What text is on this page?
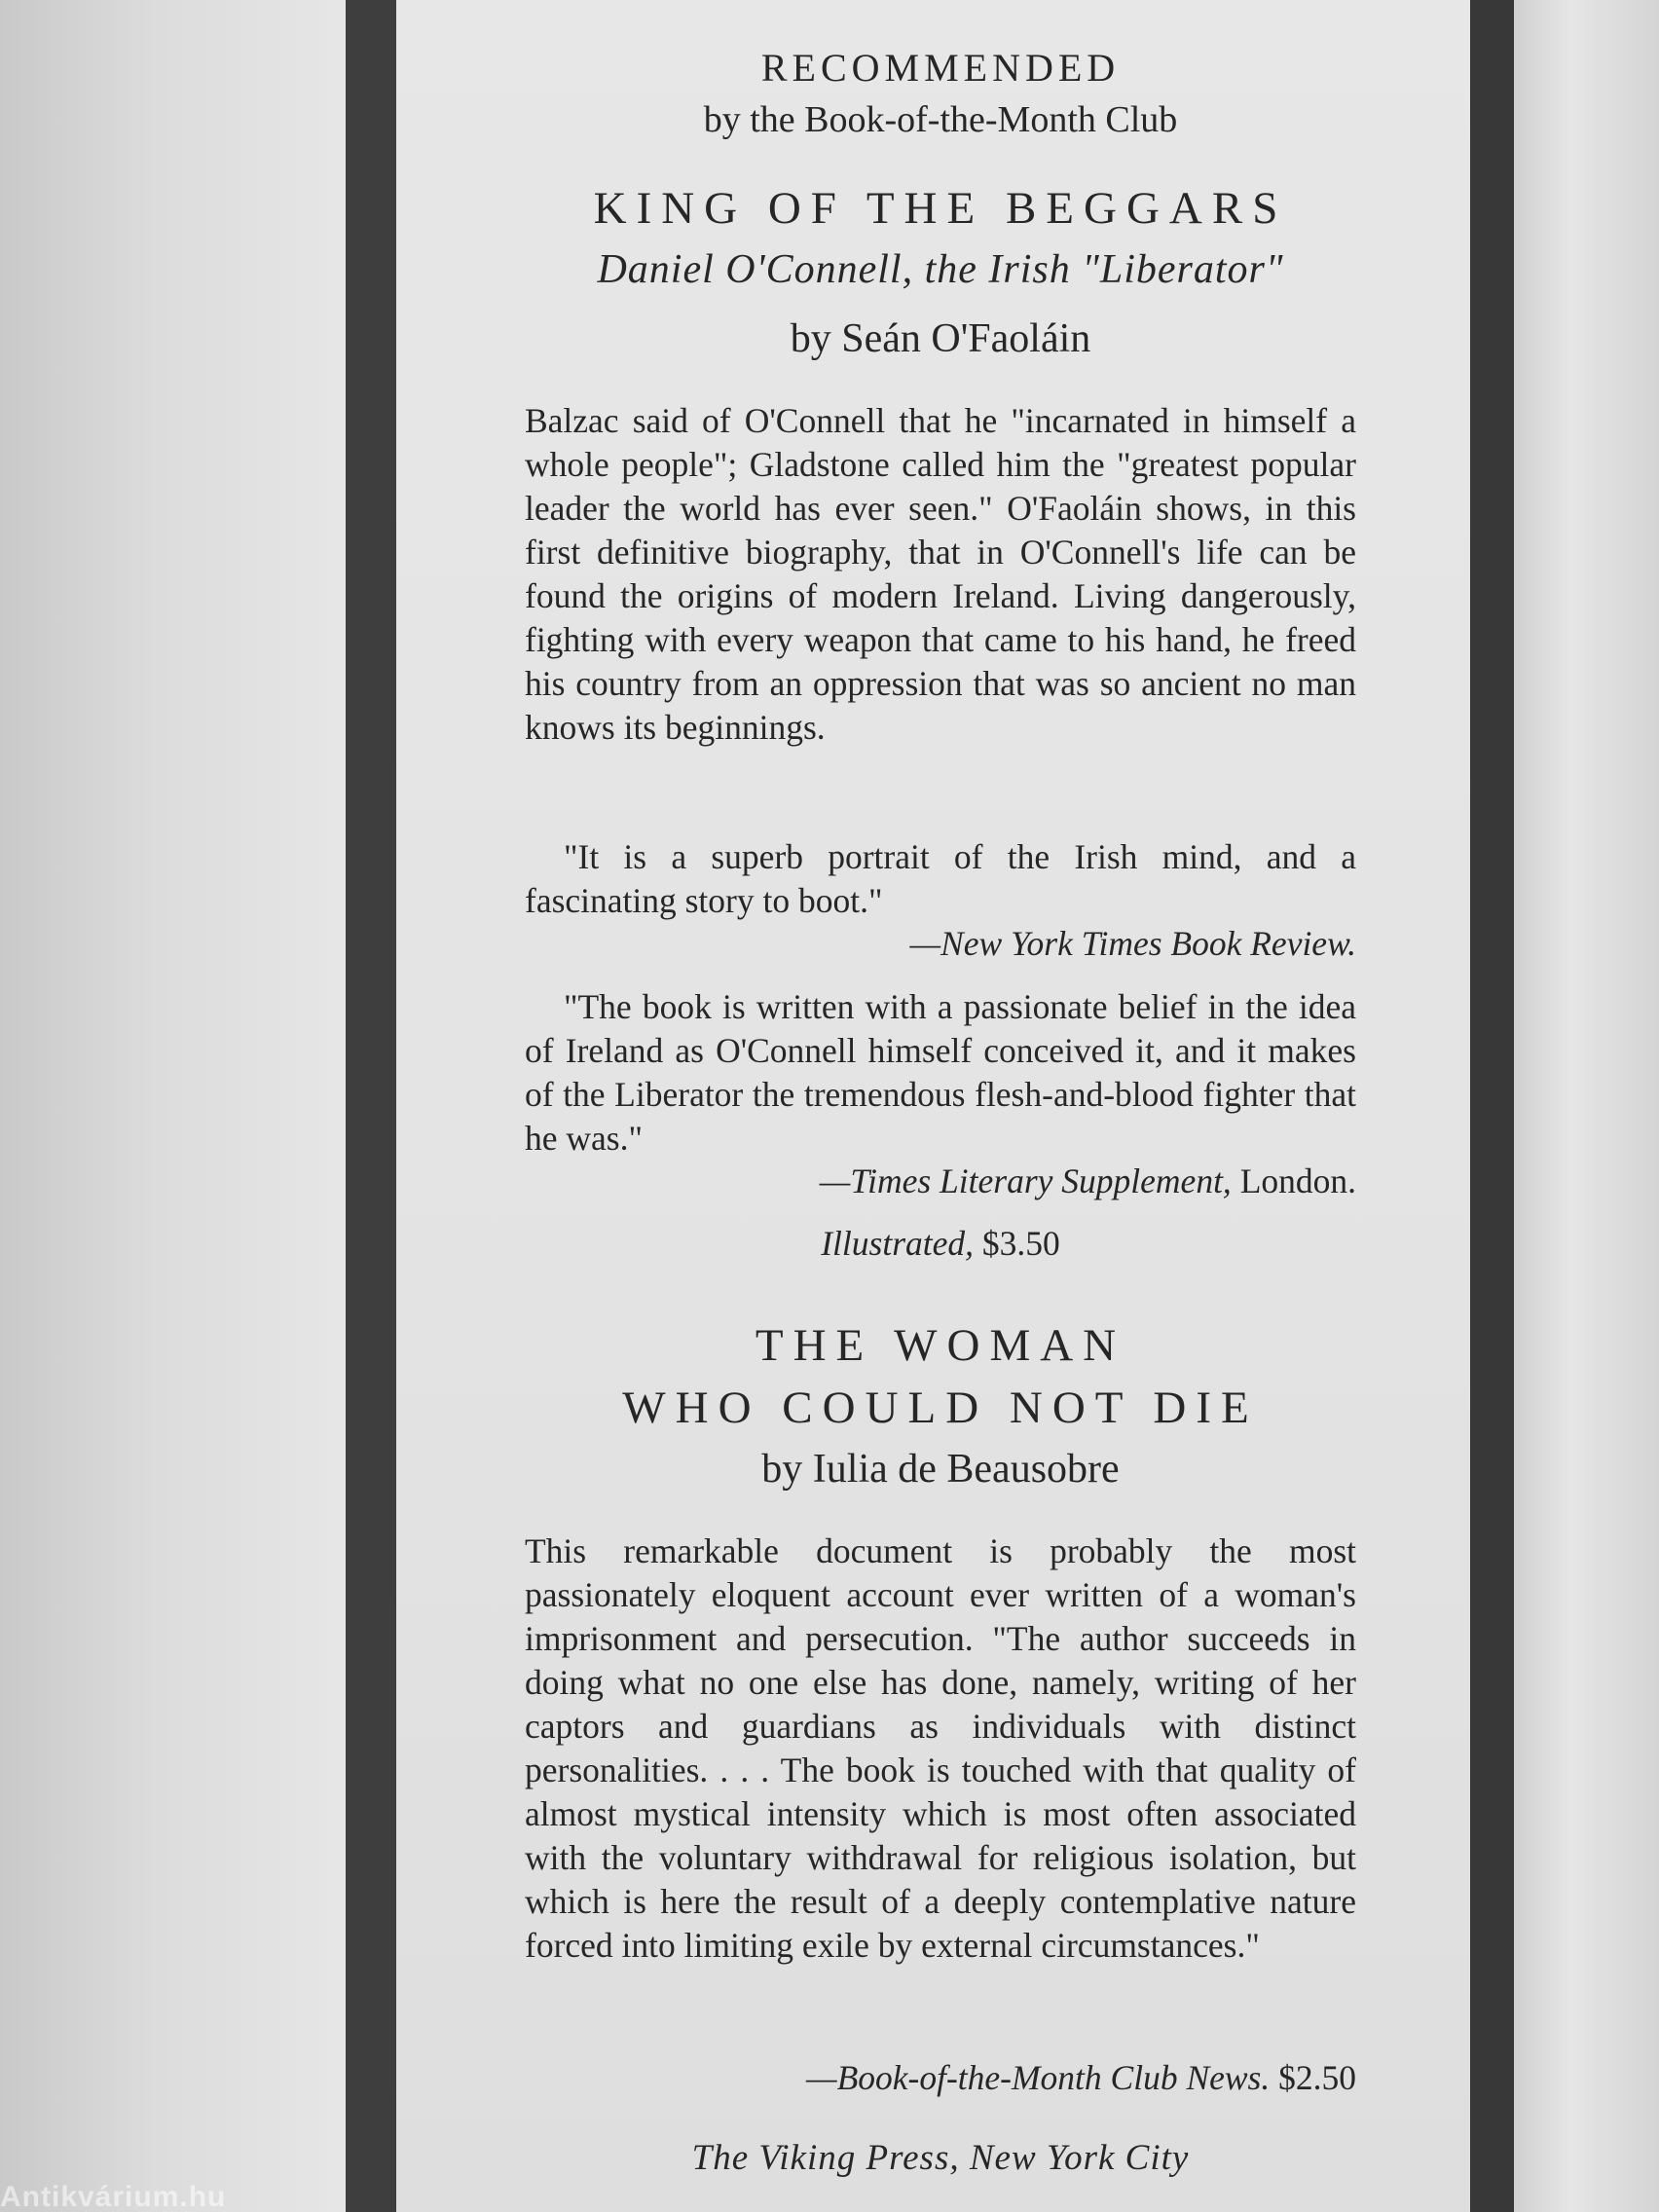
RECOMMENDED
by the Book-of-the-Month Club
KING OF THE BEGGARS
Daniel O'Connell, the Irish "Liberator"
by Seán O'Faoláin
Balzac said of O'Connell that he "incarnated in himself a whole people"; Gladstone called him the "greatest popular leader the world has ever seen." O'Faoláin shows, in this first definitive biography, that in O'Connell's life can be found the origins of modern Ireland. Living dangerously, fighting with every weapon that came to his hand, he freed his country from an oppression that was so ancient no man knows its beginnings.
"It is a superb portrait of the Irish mind, and a fascinating story to boot."
—New York Times Book Review.
"The book is written with a passionate belief in the idea of Ireland as O'Connell himself conceived it, and it makes of the Liberator the tremendous flesh-and-blood fighter that he was."
—Times Literary Supplement, London.
Illustrated, $3.50
THE WOMAN
WHO COULD NOT DIE
by Iulia de Beausobre
This remarkable document is probably the most passionately eloquent account ever written of a woman's imprisonment and persecution. "The author succeeds in doing what no one else has done, namely, writing of her captors and guardians as individuals with distinct personalities. . . . The book is touched with that quality of almost mystical intensity which is most often associated with the voluntary withdrawal for religious isolation, but which is here the result of a deeply contemplative nature forced into limiting exile by external circumstances."
—Book-of-the-Month Club News. $2.50
The Viking Press, New York City
Antikvárium.hu
